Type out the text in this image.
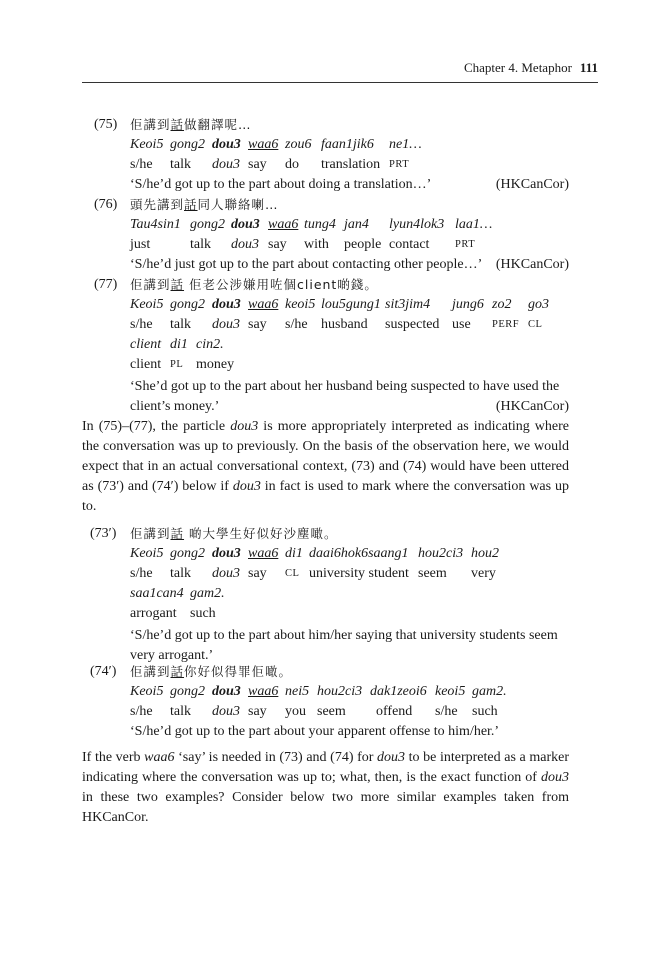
Chapter 4. Metaphor 111
(75) 佢講到話做翻譯呢…
Keoi5 gong2 dou3 waa6 zou6 faan1jik6 ne1…
s/he talk dou3 say do translation PRT
‘S/he’d got up to the part about doing a translation…’	(HKCanCor)
(76) 頭先講到話同人聯絡喇…
Tau4sin1 gong2 dou3 waa6 tung4 jan4 lyun4lok3 laa1…
just	talk dou3 say with people contact PRT
‘S/he’d just got up to the part about contacting other people…’ (HKCanCor)
(77) 佢講到話 佢老公涉嫌用咗個client啲錢。
Keoi5 gong2 dou3 waa6 keoi5 lou5gung1 sit3jim4 jung6 zo2 go3
s/he talk dou3 say s/he husband suspected use PERF CL
client di1 cin2.
client PL money
‘She’d got up to the part about her husband being suspected to have used the client’s money.’	(HKCanCor)

In (75)–(77), the particle dou3 is more appropriately interpreted as indicating where the conversation was up to previously. On the basis of the observation here, we would expect that in an actual conversational context, (73) and (74) would have been uttered as (73′) and (74′) below if dou3 in fact is used to mark where the conversation was up to.

(73′) 佢講到話 啲大學生好似好沙塵噉。
Keoi5 gong2 dou3 waa6 di1 daai6hok6saang1 hou2ci3 hou2
s/he talk dou3 say CL university student seem very
saa1can4 gam2.
arrogant such
‘S/he’d got up to the part about him/her saying that university students seem very arrogant.’
(74′) 佢講到話你好似得罪佢噉。
Keoi5 gong2 dou3 waa6 nei5 hou2ci3 dak1zeoi6 keoi5 gam2.
s/he talk dou3 say you seem offend s/he such
‘S/he’d got up to the part about your apparent offense to him/her.’

If the verb waa6 ‘say’ is needed in (73) and (74) for dou3 to be interpreted as a marker indicating where the conversation was up to; what, then, is the exact function of dou3 in these two examples? Consider below two more similar examples taken from HKCanCor.
